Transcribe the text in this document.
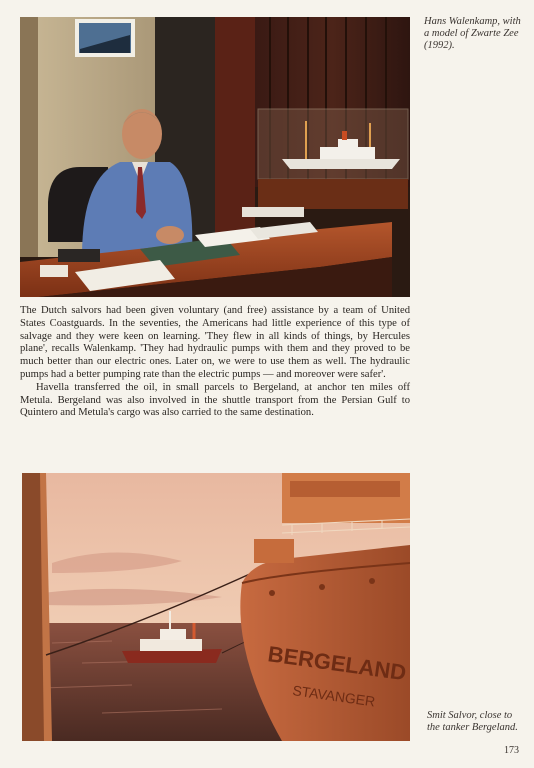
Hans Walenkamp, with a model of Zwarte Zee (1992).

The Dutch salvors had been given voluntary (and free) assistance by a team of United States Coastguards. In the seventies, the Americans had little experience of this type of salvage and they were keen on learning. 'They flew in all kinds of things, by Hercules plane', recalls Walenkamp. 'They had hydraulic pumps with them and they proved to be much better than our electric ones. Later on, we were to use them as well. The hydraulic pumps had a better pumping rate than the electric pumps — and moreover were safer'.

Havella transferred the oil, in small parcels to Bergeland, at anchor ten miles off Metula. Bergeland was also involved in the shuttle transport from the Persian Gulf to Quintero and Metula's cargo was also carried to the same destination.

BERGELAND
STAVANGER
Smit Salvor, close to the tanker Bergeland.
173
